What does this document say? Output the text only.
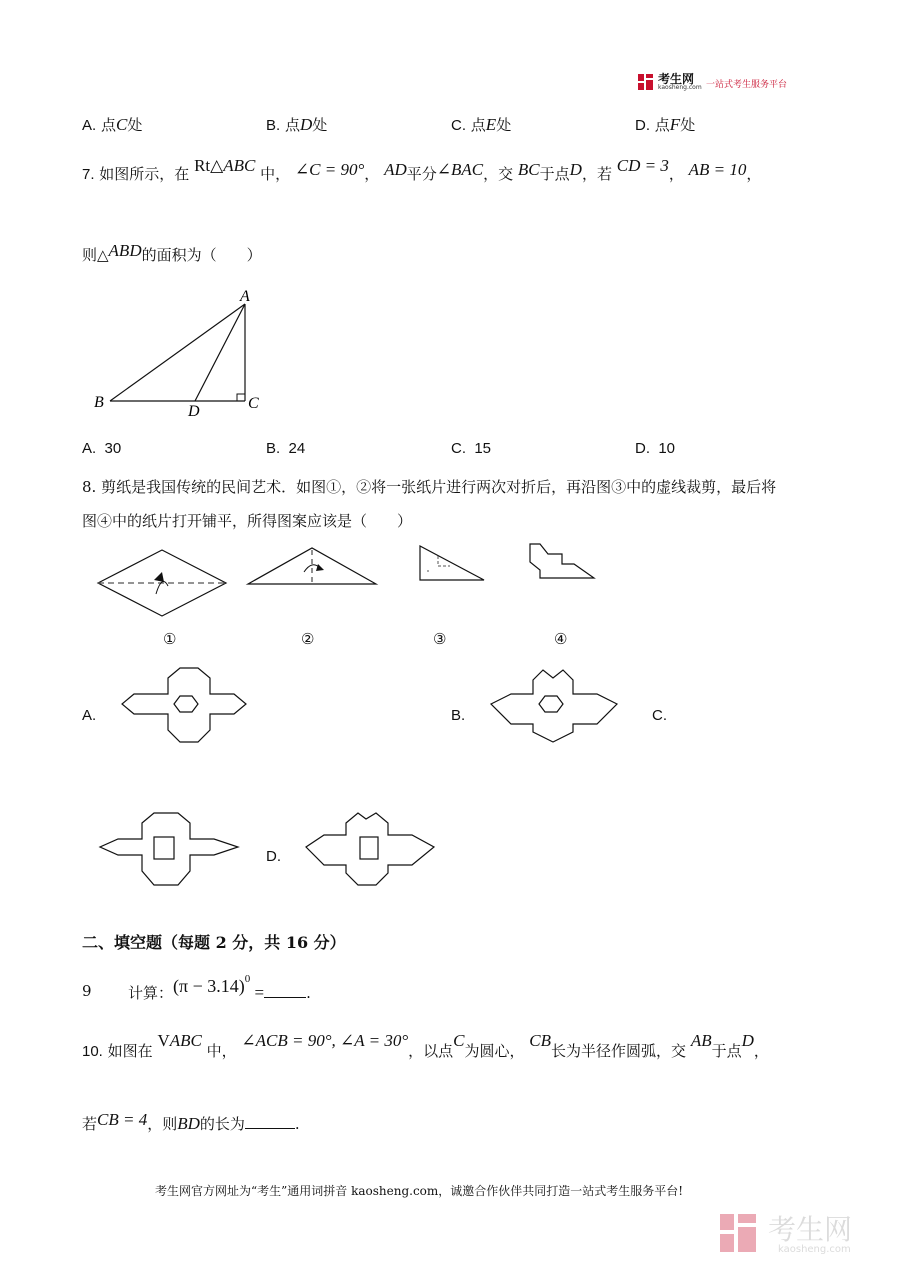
考生网
kaosheng.com 一站式考生服务平台
A. 点C处	B. 点D处	C. 点E处	D. 点F处
7. 如图所示，在 Rt△ABC 中， ∠C = 90°， AD平分∠BAC，交 BC于点D，若 CD = 3， AB = 10，
则△ABD的面积为（　　）
A
B	C
D
A. 30	B. 24	C. 15	D. 10
8. 剪纸是我国传统的民间艺术．如图①，②将一张纸片进行两次对折后，再沿图③中的虚线裁剪，最后将
图④中的纸片打开铺平，所得图案应该是（　　）
①	②	③	④
A.	B.	C.
D.
二、填空题（每题 2 分，共 16 分）
9 计算：$(\pi - 3.14)^0$ =	.
10. 如图在 VABC 中， ∠ACB = 90°, ∠A = 30°，以点C为圆心， CB长为半径作圆弧，交 AB于点D，
若CB = 4，则BD的长为	.
考生网官方网址为“考生”通用词拼音 kaosheng.com，诚邀合作伙伴共同打造一站式考生服务平台!
考生网
kaosheng.com
